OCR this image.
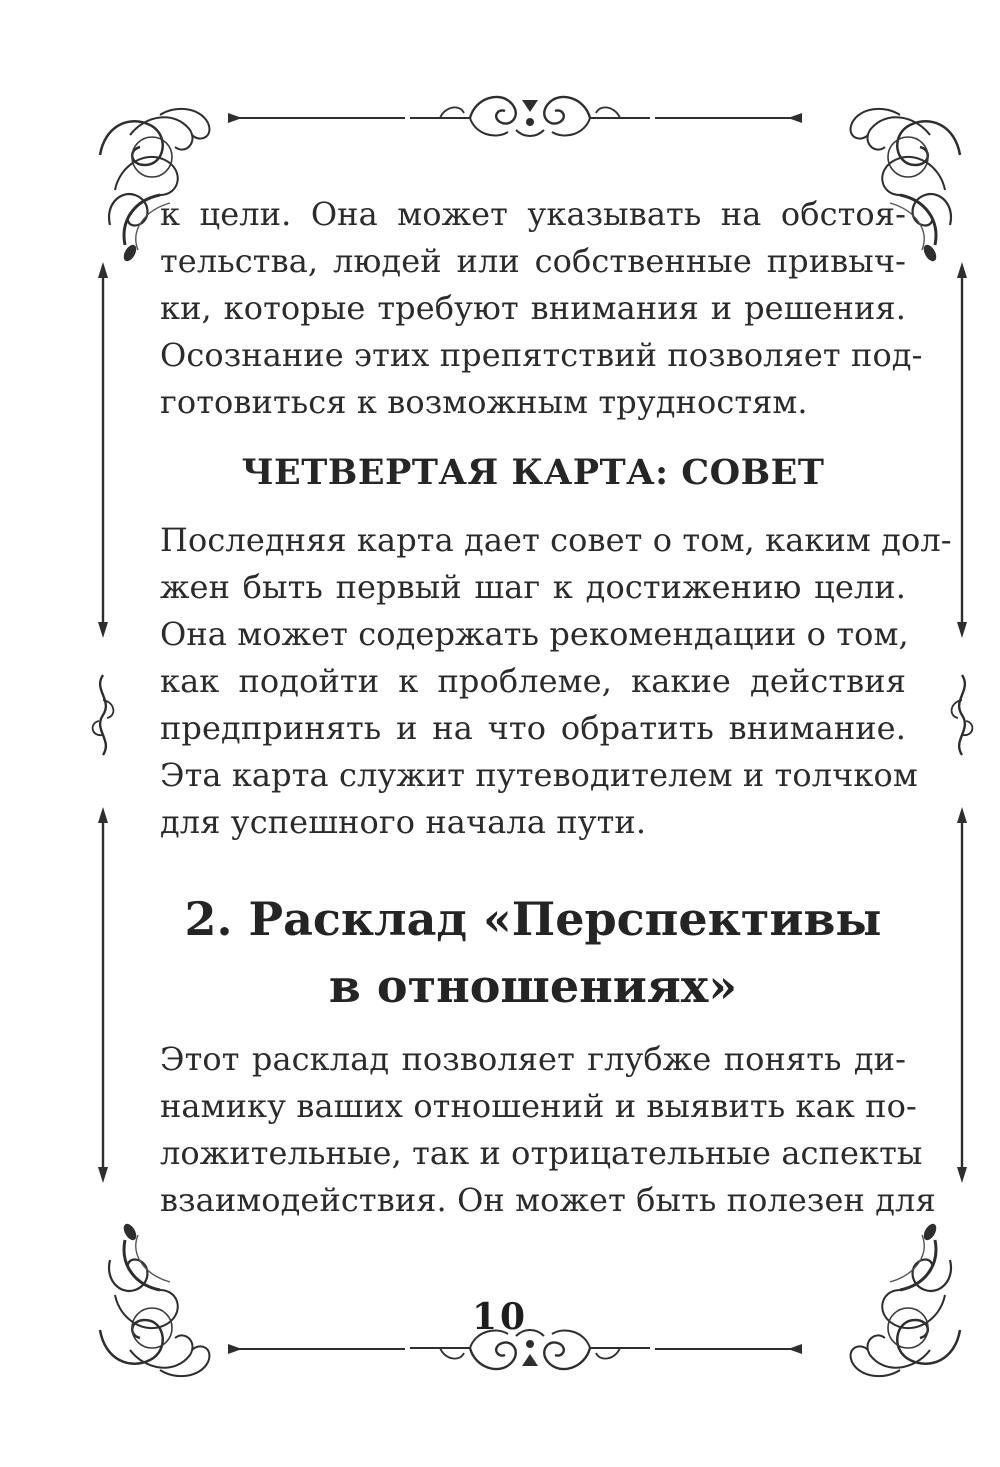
к цели. Она может указывать на обстоя-
тельства, людей или собственные привыч-
ки, которые требуют внимания и решения.
Осознание этих препятствий позволяет под-
готовиться к возможным трудностям.
ЧЕТВЕРТАЯ КАРТА: СОВЕТ
Последняя карта дает совет о том, каким дол-
жен быть первый шаг к достижению цели.
Она может содержать рекомендации о том,
как подойти к проблеме, какие действия
предпринять и на что обратить внимание.
Эта карта служит путеводителем и толчком
для успешного начала пути.
2. Расклад «Перспективы
в отношениях»
Этот расклад позволяет глубже понять ди-
намику ваших отношений и выявить как по-
ложительные, так и отрицательные аспекты
взаимодействия. Он может быть полезен для
10
